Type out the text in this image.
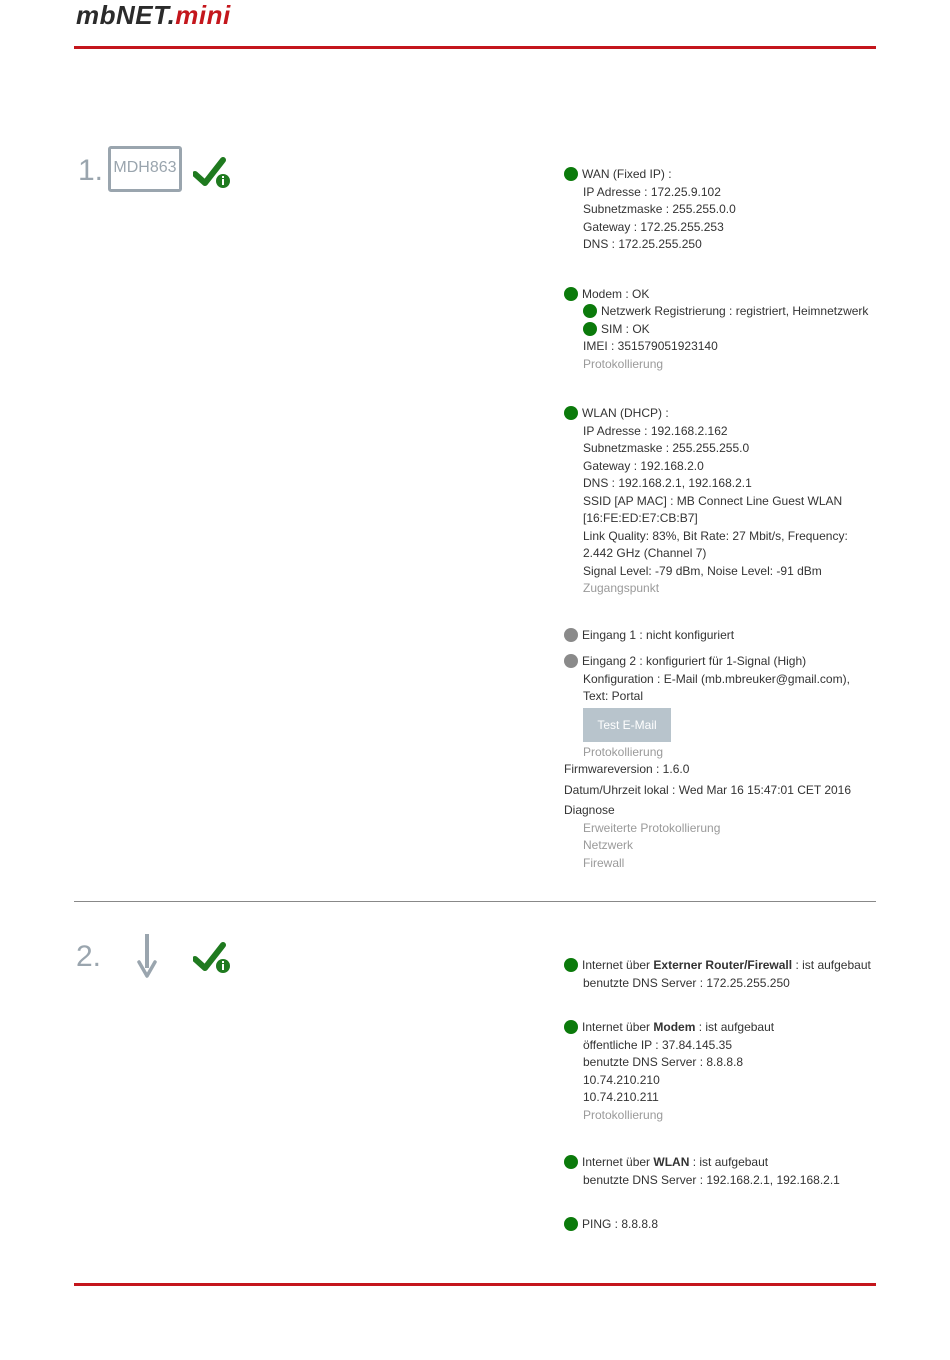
mbNET.mini
1. MDH863	WAN (Fixed IP) :
IP Adresse : 172.25.9.102
Subnetzmaske : 255.255.0.0
Gateway : 172.25.255.253
DNS : 172.25.255.250
Modem : OK
Netzwerk Registrierung : registriert, Heimnetzwerk
SIM : OK
IMEI : 351579051923140
Protokollierung
WLAN (DHCP) :
IP Adresse : 192.168.2.162
Subnetzmaske : 255.255.255.0
Gateway : 192.168.2.0
DNS : 192.168.2.1, 192.168.2.1
SSID [AP MAC] : MB Connect Line Guest WLAN
[16:FE:ED:E7:CB:B7]
Link Quality: 83%, Bit Rate: 27 Mbit/s, Frequency:
2.442 GHz (Channel 7)
Signal Level: -79 dBm, Noise Level: -91 dBm
Zugangspunkt
Eingang 1 : nicht konfiguriert
Eingang 2 : konfiguriert für 1-Signal (High)
Konfiguration : E-Mail (mb.mbreuker@gmail.com),
Text: Portal
Test E-Mail
Protokollierung
Firmwareversion : 1.6.0
Datum/Uhrzeit lokal : Wed Mar 16 15:47:01 CET 2016
Diagnose
Erweiterte Protokollierung
Netzwerk
Firewall
2.	Internet über Externer Router/Firewall : ist aufgebaut
benutzte DNS Server : 172.25.255.250
Internet über Modem : ist aufgebaut
öffentliche IP : 37.84.145.35
benutzte DNS Server : 8.8.8.8
10.74.210.210
10.74.210.211
Protokollierung
Internet über WLAN : ist aufgebaut
benutzte DNS Server : 192.168.2.1, 192.168.2.1
PING : 8.8.8.8
